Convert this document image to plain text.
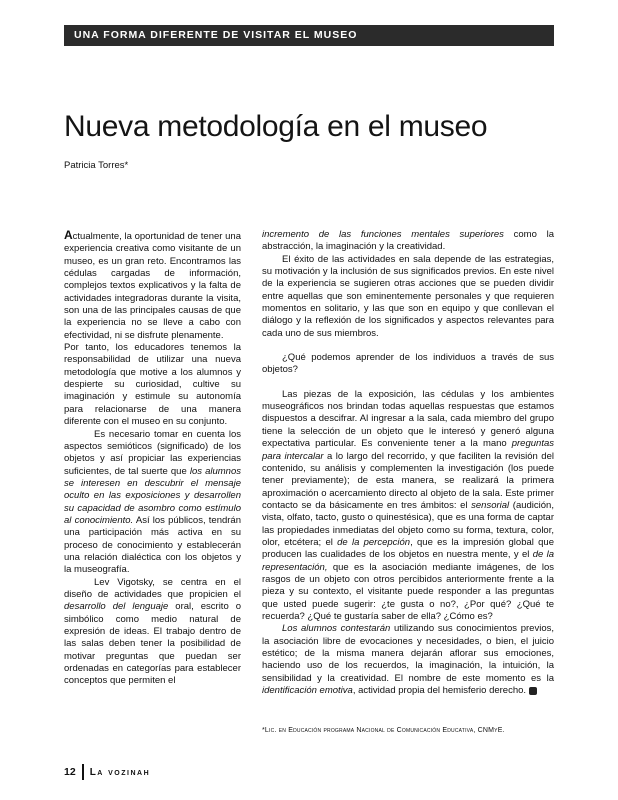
UNA FORMA DIFERENTE DE VISITAR EL MUSEO
Nueva metodología en el museo
Patricia Torres*

Actualmente, la oportunidad de tener una experiencia creativa como visitante de un museo, es un gran reto. Encontramos las cédulas cargadas de información, complejos textos explicativos y la falta de actividades integradoras durante la visita, son una de las principales causas de que la experiencia no se lleve a cabo con efectividad, ni se disfrute plenamente.

Por tanto, los educadores tenemos la responsabilidad de utilizar una nueva metodología que motive a los alumnos y despierte su curiosidad, cultive su imaginación y estimule su autonomía para relacionarse de una manera diferente con el museo en su conjunto.

Es necesario tomar en cuenta los aspectos semióticos (significado) de los objetos y así propiciar las experiencias suficientes, de tal suerte que los alumnos se interesen en descubrir el mensaje oculto en las exposiciones y desarrollen su capacidad de asombro como estímulo al conocimiento. Así los públicos, tendrán una participación más activa en su proceso de conocimiento y establecerán una relación dialéctica con los objetos y la museografía.

Lev Vigotsky, se centra en el diseño de actividades que propicien el desarrollo del lenguaje oral, escrito o simbólico como medio natural de expresión de ideas. El trabajo dentro de las salas deben tener la posibilidad de motivar preguntas que puedan ser ordenadas en categorías para establecer conceptos que permiten el

incremento de las funciones mentales superiores como la abstracción, la imaginación y la creatividad.

El éxito de las actividades en sala depende de las estrategias, su motivación y la inclusión de sus significados previos. En este nivel de la experiencia se sugieren otras acciones que se pueden dividir entre aquellas que son eminentemente personales y que requieren momentos en solitario, y las que son en equipo y que conllevan el diálogo y la reflexión de los significados y aspectos relevantes para cada uno de sus miembros.

¿Qué podemos aprender de los individuos a través de sus objetos?

Las piezas de la exposición, las cédulas y los ambientes museográficos nos brindan todas aquellas respuestas que estamos dispuestos a descifrar. Al ingresar a la sala, cada miembro del grupo tiene la selección de un objeto que le interesó y generó alguna expectativa particular. Es conveniente tener a la mano preguntas para intercalar a lo largo del recorrido, y que faciliten la revisión del contenido, su análisis y complementen la investigación (los puede tener previamente); de esta manera, se realizará la primera aproximación o acercamiento directo al objeto de la sala. Este primer contacto se da básicamente en tres ámbitos: el sensorial (audición, vista, olfato, tacto, gusto o quinestésica), que es una forma de captar las propiedades inmediatas del objeto como su forma, textura, color, olor, etcétera; el de la percepción, que es la impresión global que producen las cualidades de los objetos en nuestra mente, y el de la representación, que es la asociación mediante imágenes, de los rasgos de un objeto con otros percibidos anteriormente frente a la pieza y su contexto, el visitante puede responder a las preguntas que usted puede sugerir: ¿te gusta o no?, ¿Por qué? ¿Qué te recuerda? ¿Qué te gustaría saber de ella? ¿Cómo es?

Los alumnos contestarán utilizando sus conocimientos previos, la asociación libre de evocaciones y necesidades, o bien, el juicio estético; de la misma manera dejarán aflorar sus emociones, haciendo uso de los recuerdos, la imaginación, la intuición, la sensibilidad y la creatividad. El nombre de este momento es la identificación emotiva, actividad propia del hemisferio derecho.

*Lic. en Educación programa Nacional de Comunicación Educativa, CNMyE.
12 La vozinah
